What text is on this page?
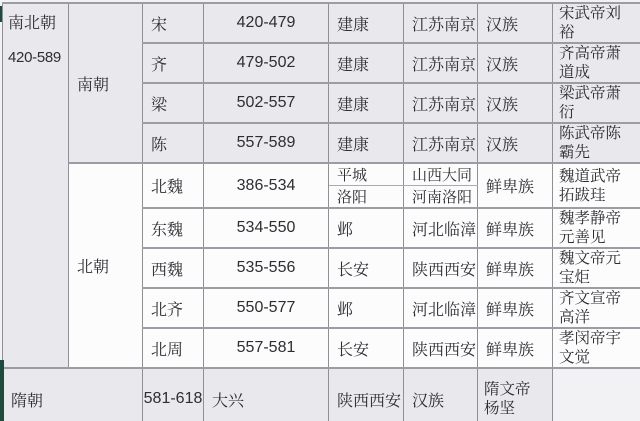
南北朝
420-589	南朝	宋	420-479	建康	江苏南京	汉族	宋武帝刘裕
		齐	479-502	建康	江苏南京	汉族	齐高帝萧道成
		梁	502-557	建康	江苏南京	汉族	梁武帝萧衍
		陈	557-589	建康	江苏南京	汉族	陈武帝陈霸先
	北朝	北魏	386-534	平城	山西大同	鲜卑族	魏道武帝拓跋珪
				洛阳	河南洛阳		
		东魏	534-550	邺	河北临漳	鲜卑族	魏孝静帝元善见
		西魏	535-556	长安	陕西西安	鲜卑族	魏文帝元宝炬
		北齐	550-577	邺	河北临漳	鲜卑族	齐文宣帝高洋
		北周	557-581	长安	陕西西安	鲜卑族	孝闵帝宇文觉
隋朝		581-618	大兴	陕西西安	汉族	隋文帝杨坚	
